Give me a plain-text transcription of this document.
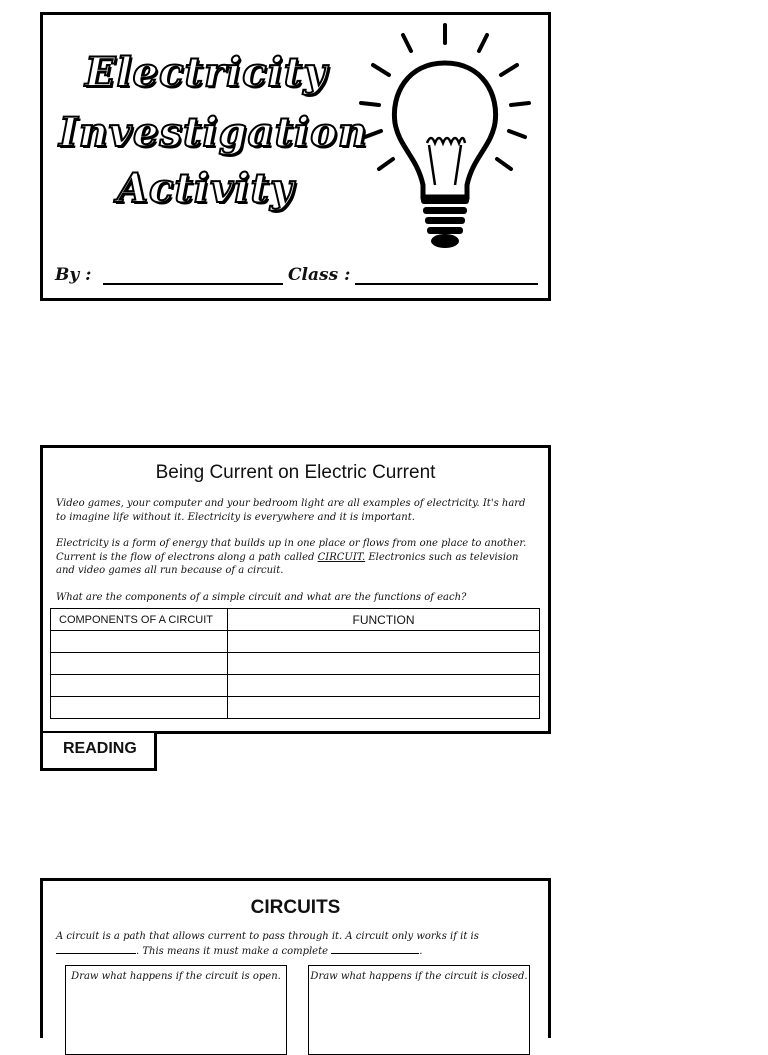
Electricity
Investigation
Activity
By :	Class :
Being Current on Electric Current
Video games, your computer and your bedroom light are all examples of electricity. It's hard to imagine life without it. Electricity is everywhere and it is important.
Electricity is a form of energy that builds up in one place or flows from one place to another. Current is the flow of electrons along a path called CIRCUIT. Electronics such as television and video games all run because of a circuit.
What are the components of a simple circuit and what are the functions of each?
COMPONENTS OF A CIRCUIT	FUNCTION

READING
CIRCUITS
A circuit is a path that allows current to pass through it. A circuit only works if it is
. This means it must make a complete	.
Draw what happens if the circuit is open.	Draw what happens if the circuit is closed.
